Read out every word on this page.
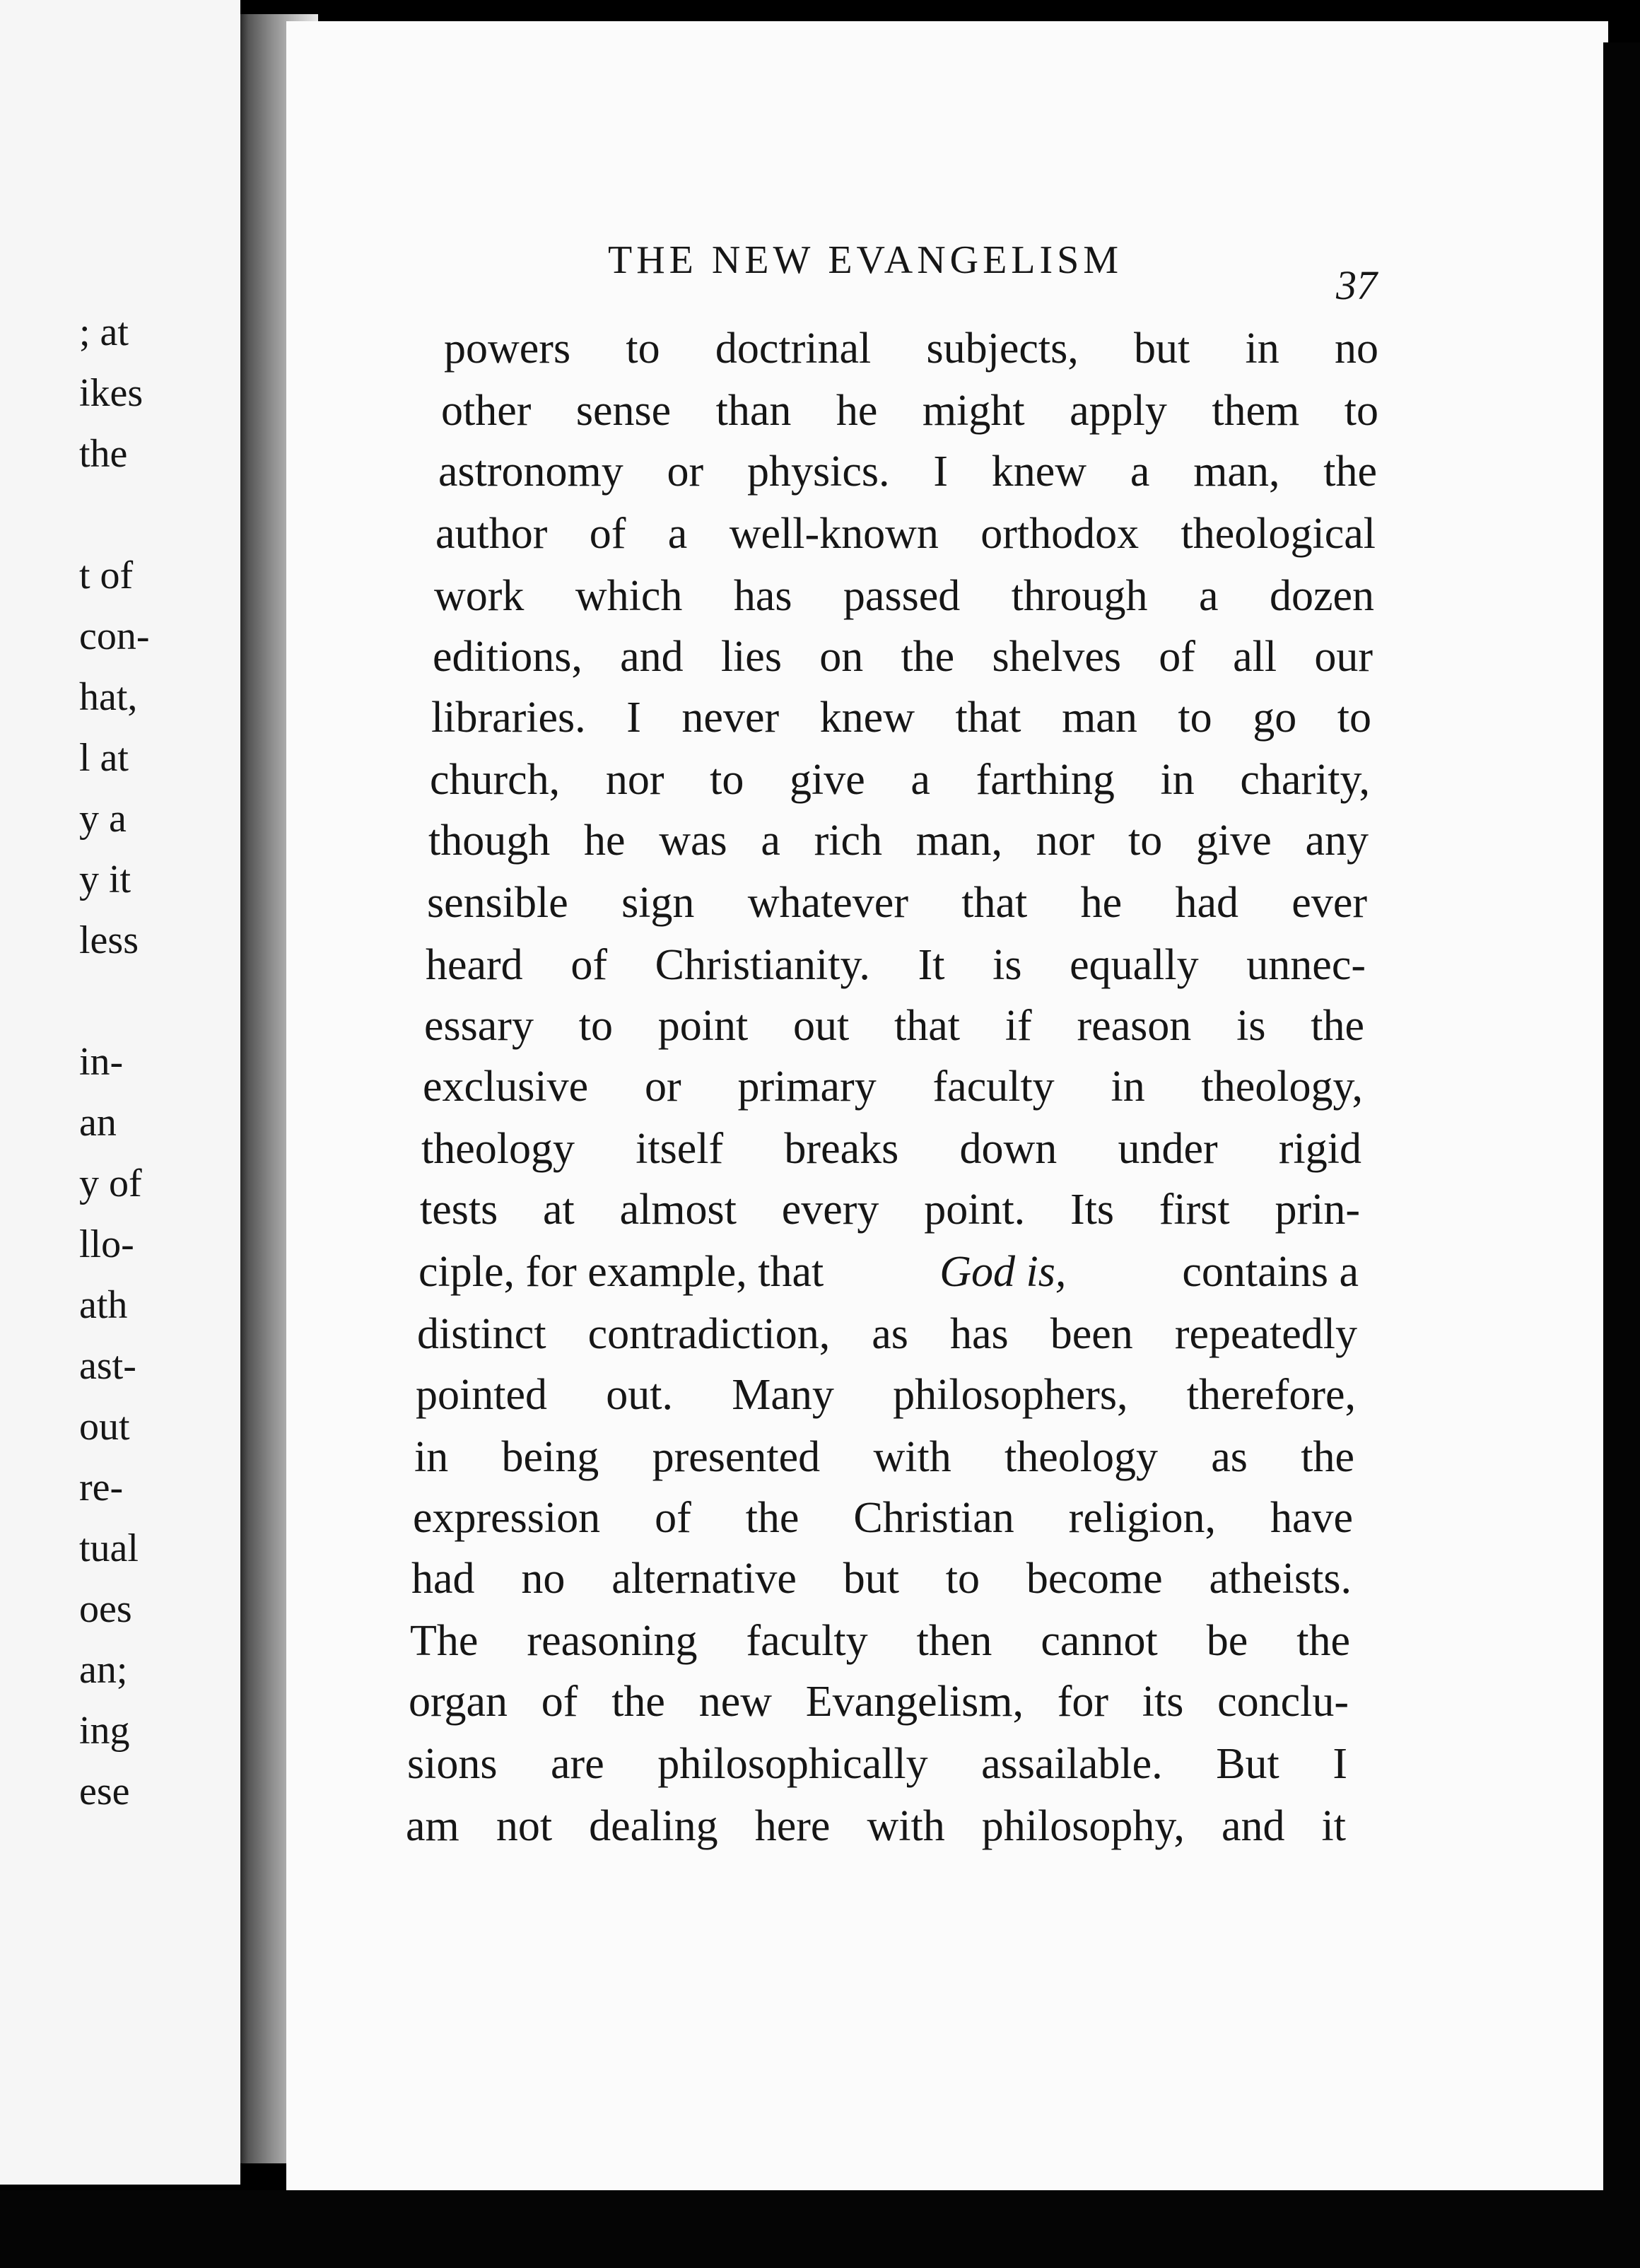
; at
ikes
the
t of
con-
hat,
l at
y a
y it
less
in-
an
y of
llo-
ath
ast-
out
re-
tual
oes
an;
ing
ese
THE NEW EVANGELISM
37
powers to doctrinal subjects, but in no
other sense than he might apply them to
astronomy or physics. I knew a man, the
author of a well-known orthodox theological
work which has passed through a dozen
editions, and lies on the shelves of all our
libraries. I never knew that man to go to
church, nor to give a farthing in charity,
though he was a rich man, nor to give any
sensible sign whatever that he had ever
heard of Christianity. It is equally unnec-
essary to point out that if reason is the
exclusive or primary faculty in theology,
theology itself breaks down under rigid
tests at almost every point. Its first prin-
ciple, for example, that	God is,	contains a
distinct contradiction, as has been repeatedly
pointed out. Many philosophers, therefore,
in being presented with theology as the
expression of the Christian religion, have
had no alternative but to become atheists.
The reasoning faculty then cannot be the
organ of the new Evangelism, for its conclu-
sions are philosophically assailable. But I
am not dealing here with philosophy, and it
